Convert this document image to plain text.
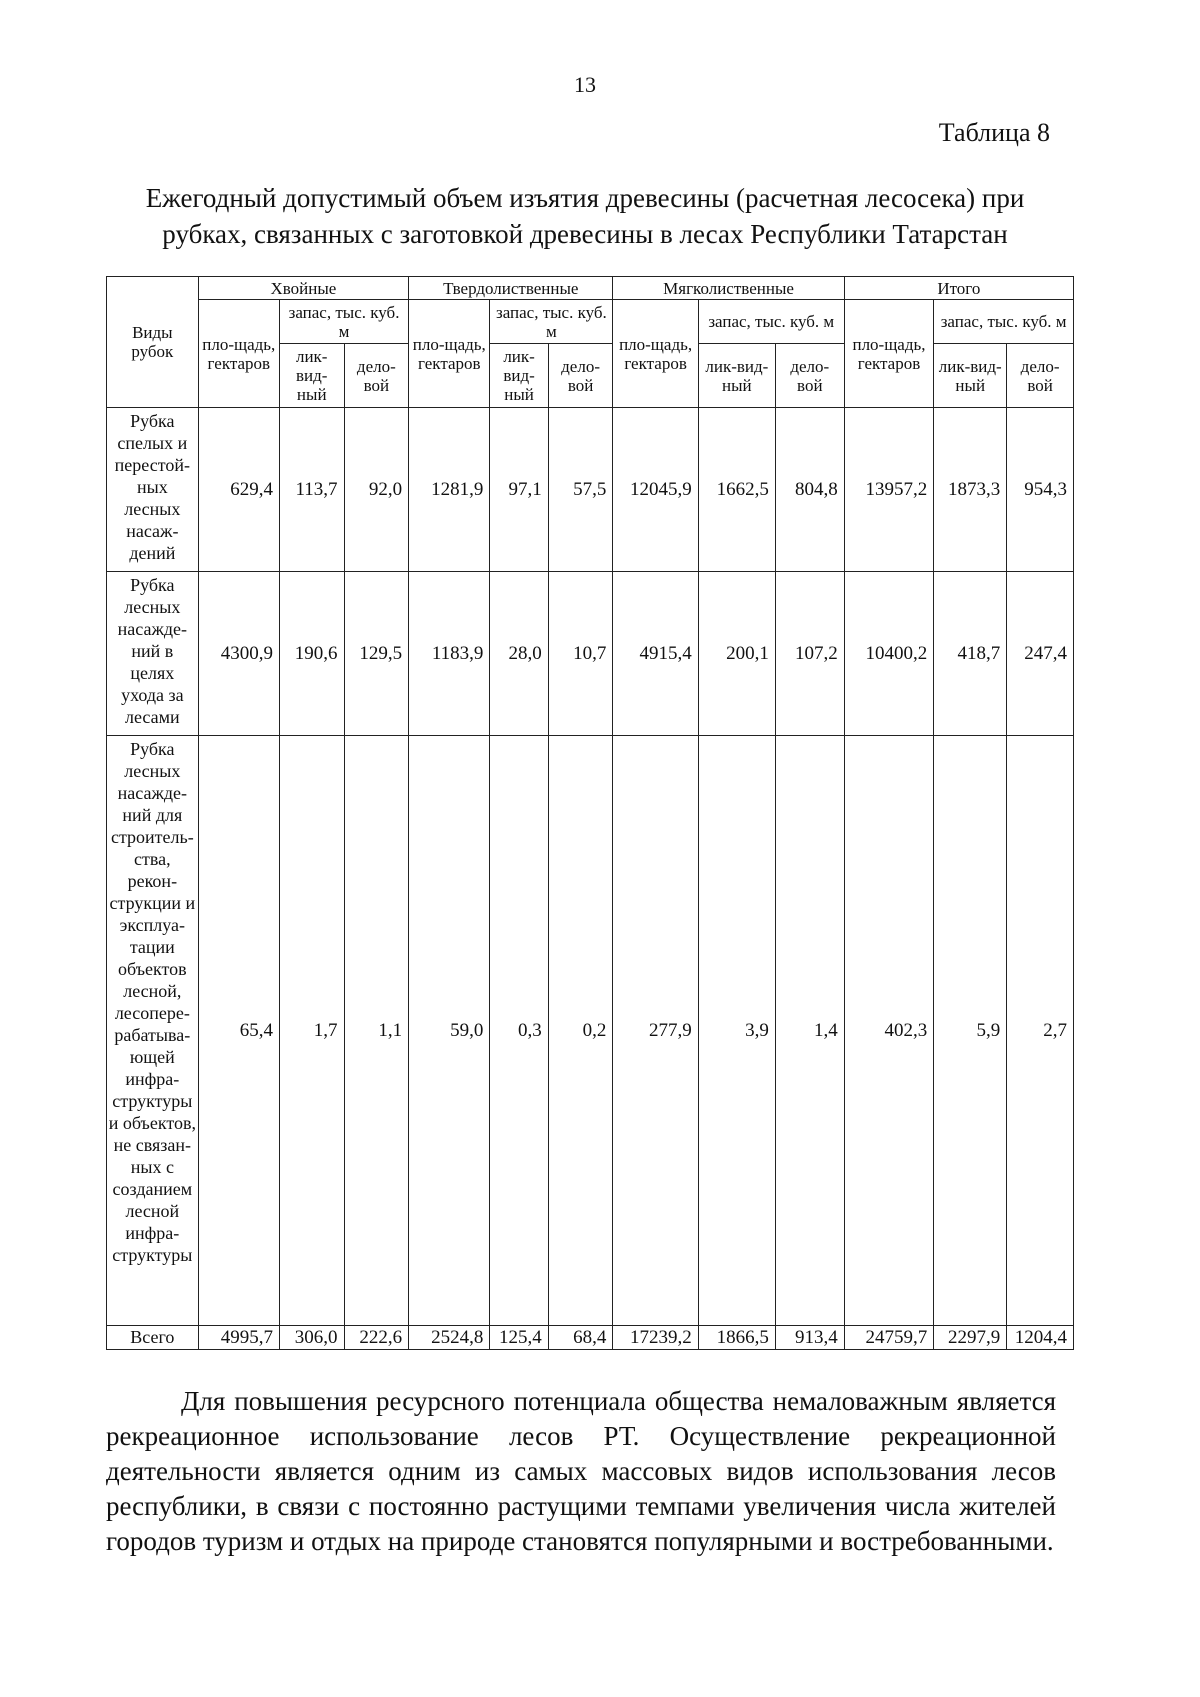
13
Таблица 8
Ежегодный допустимый объем изъятия древесины (расчетная лесосека) при рубках, связанных с заготовкой древесины в лесах Республики Татарстан
Виды рубок	Хвойные			Твердолиственные			Мягколиственные			Итого		
	пло-щадь, гектаров	запас, тыс. куб. м		пло-щадь, гектаров	запас, тыс. куб. м		пло-щадь, гектаров	запас, тыс. куб. м		пло-щадь, гектаров	запас, тыс. куб. м	
		лик-вид-ный	дело-вой		лик-вид-ный	дело-вой		лик-вид-ный	дело-вой		лик-вид-ный	дело-вой
Рубка спелых и перестой-ных лесных насаж-дений	629,4	113,7	92,0	1281,9	97,1	57,5	12045,9	1662,5	804,8	13957,2	1873,3	954,3
Рубка лесных насажде-ний в целях ухода за лесами	4300,9	190,6	129,5	1183,9	28,0	10,7	4915,4	200,1	107,2	10400,2	418,7	247,4
Рубка лесных насажде-ний для строитель-ства, рекон-струкции и эксплуа-тации объектов лесной, лесопере-рабатыва-ющей инфра-структуры и объектов, не связан-ных с созданием лесной инфра-структуры	65,4	1,7	1,1	59,0	0,3	0,2	277,9	3,9	1,4	402,3	5,9	2,7
Всего	4995,7	306,0	222,6	2524,8	125,4	68,4	17239,2	1866,5	913,4	24759,7	2297,9	1204,4
Для повышения ресурсного потенциала общества немаловажным является рекреационное использование лесов РТ. Осуществление рекреационной деятельности является одним из самых массовых видов использования лесов республики, в связи с постоянно растущими темпами увеличения числа жителей городов туризм и отдых на природе становятся популярными и востребованными.
